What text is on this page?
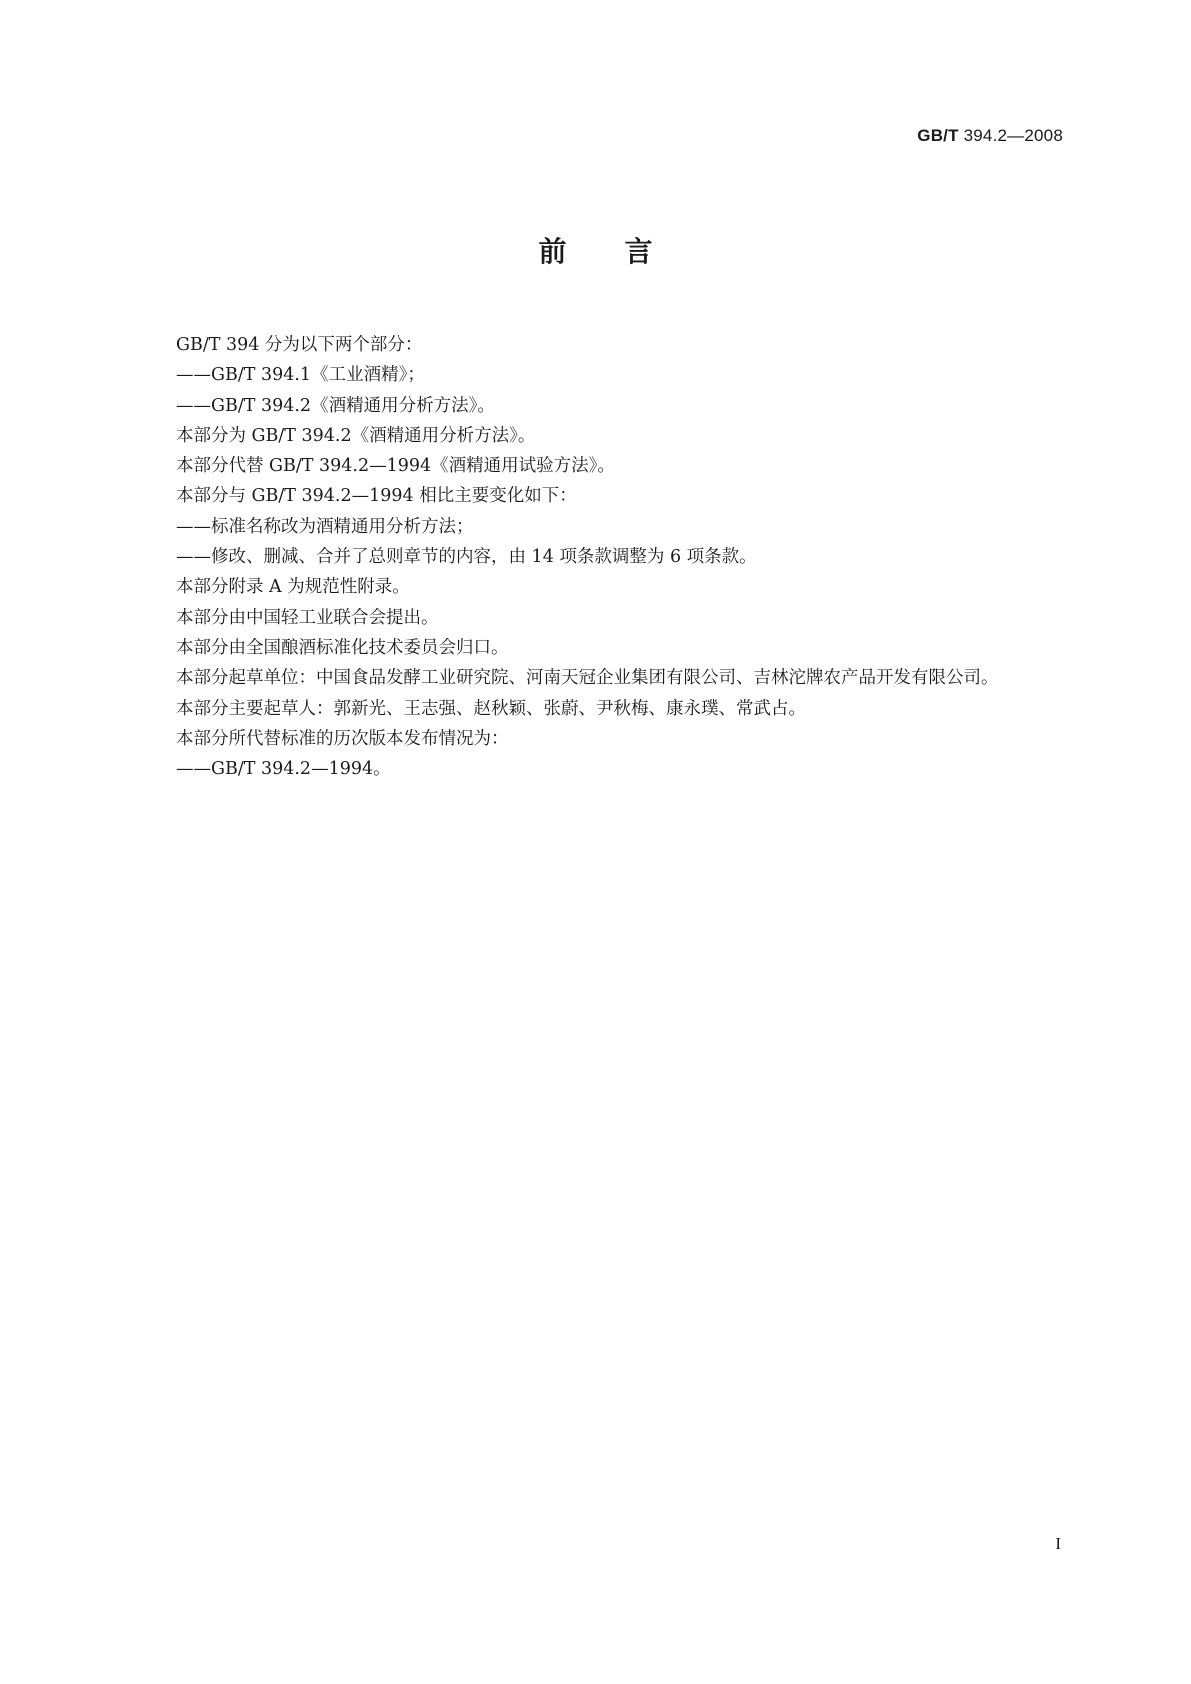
GB/T 394.2—2008
前言
GB/T 394 分为以下两个部分：
——GB/T 394.1《工业酒精》；
——GB/T 394.2《酒精通用分析方法》。
本部分为 GB/T 394.2《酒精通用分析方法》。
本部分代替 GB/T 394.2—1994《酒精通用试验方法》。
本部分与 GB/T 394.2—1994 相比主要变化如下：
——标准名称改为酒精通用分析方法；
——修改、删减、合并了总则章节的内容，由 14 项条款调整为 6 项条款。
本部分附录 A 为规范性附录。
本部分由中国轻工业联合会提出。
本部分由全国酿酒标准化技术委员会归口。
本部分起草单位：中国食品发酵工业研究院、河南天冠企业集团有限公司、吉林沱牌农产品开发有限公司。
本部分主要起草人：郭新光、王志强、赵秋颖、张蔚、尹秋梅、康永璞、常武占。
本部分所代替标准的历次版本发布情况为：
——GB/T 394.2—1994。
I
